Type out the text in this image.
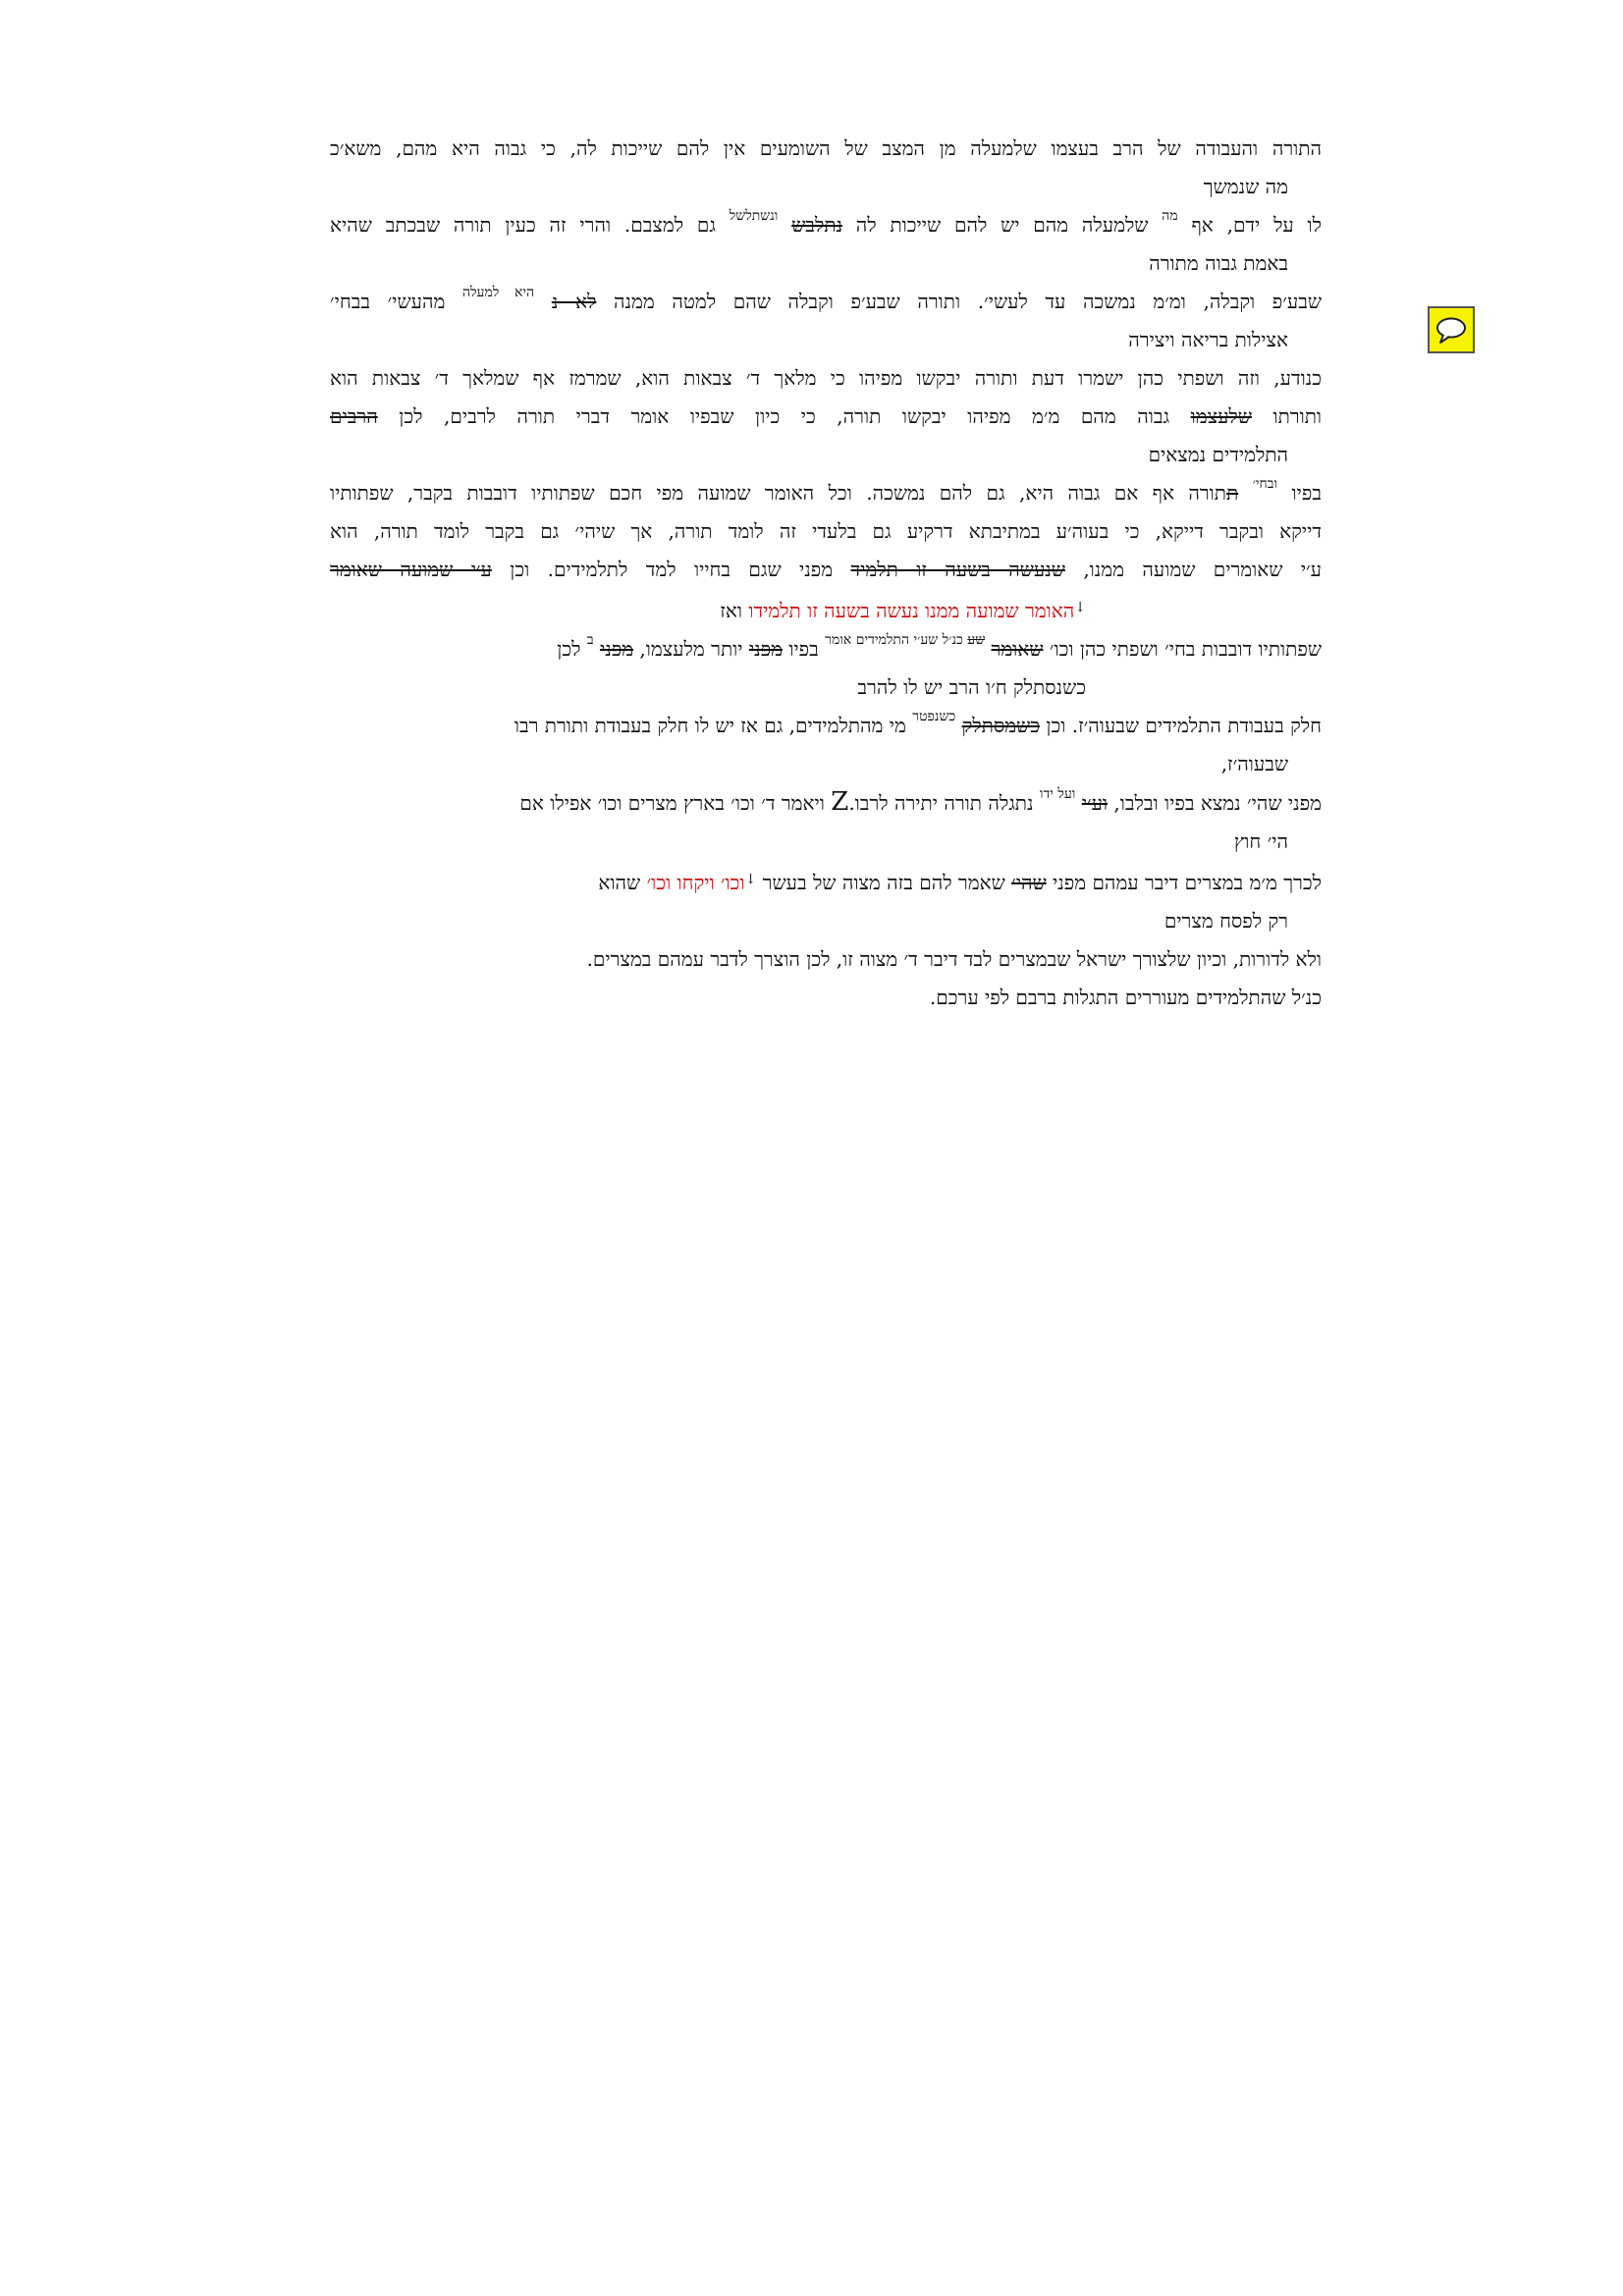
התורה והעבודה של הרב בעצמו שלמעלה מן המצב של השומעים אין להם שייכות לה, כי גבוה היא מהם, משא׳כ
מה שנמשך
לו על ידם, אף $^{מה}$ שלמעלה מהם יש להם שייכות לה נתלבש $^{ונשתלשל}$ גם למצבם. והרי זה כעין תורה שבכתב שהיא
באמת גבוה מתורה
שבע׳פ וקבלה, ומ׳מ נמשכה עד לעשי׳. ותורה שבע׳פ וקבלה שהם למטה ממנה לא נ $^{היא למעלה}$ מהעשי׳ בבחי׳
אצילות בריאה ויצירה
כנודע, וזה ושפתי כהן ישמרו דעת ותורה יבקשו מפיהו כי מלאך ד׳ צבאות הוא, שמרמז אף שמלאך ד׳ צבאות הוא
ותורתו שלעצמו גבוה מהם מ׳מ מפיהו יבקשו תורה, כי כיון שבפיו אומר דברי תורה לרבים, לכן הרבים
התלמידים נמצאים
בפיו $^{ובחי׳}$ תתורה אף אם גבוה היא, גם להם נמשכה. וכל האומר שמועה מפי חכם שפתותיו דובבות בקבר, שפתותיו
דייקא ובקבר דייקא, כי בעוה׳ע במתיבתא דרקיע גם בלעדי זה לומד תורה, אך שיהי׳ גם בקבר לומד תורה, הוא
ע׳י שאומרים שמועה ממנו, שנעשה בשעה זו תלמיד מפני שגם בחייו למד לתלמידים. וכן ע׳י שמועה שאומר
↓האומר שמועה ממנו נעשה בשעה זו תלמידו ואז
שפתותיו דובבות בחי׳ ושפתי כהן וכו׳ שאומר $^{שע כנ׳ל שע׳י התלמידים אומר}$ בפיו מפני יותר מלעצמו, מפני $^ב$ לכן
כשנסתלק ח׳ו הרב יש לו להרב
חלק בעבודת התלמידים שבעוה׳ז. וכן כשמסתלק $^{כשנפטר}$ מי מהתלמידים, גם אז יש לו חלק בעבודת ותורת רבו
שבעוה׳ז,
מפני שהי׳ נמצא בפיו ובלבו, וע׳י $^{ועל ידו}$ נתגלה תורה יתירה לרבו.Z ויאמר ד׳ וכו׳ בארץ מצרים וכו׳ אפילו אם
הי׳ חוץ
לכרך מ׳מ במצרים דיבר עמהם מפני שהי׳ שאמר להם בזה מצוה של בעשר ↓וכו׳ ויקחו וכו׳ שהוא
רק לפסח מצרים
ולא לדורות, וכיון שלצורך ישראל שבמצרים לבד דיבר ד׳ מצוה זו, לכן הוצרך לדבר עמהם במצרים.
כנ׳ל שהתלמידים מעוררים התגלות ברבם לפי ערכם.
